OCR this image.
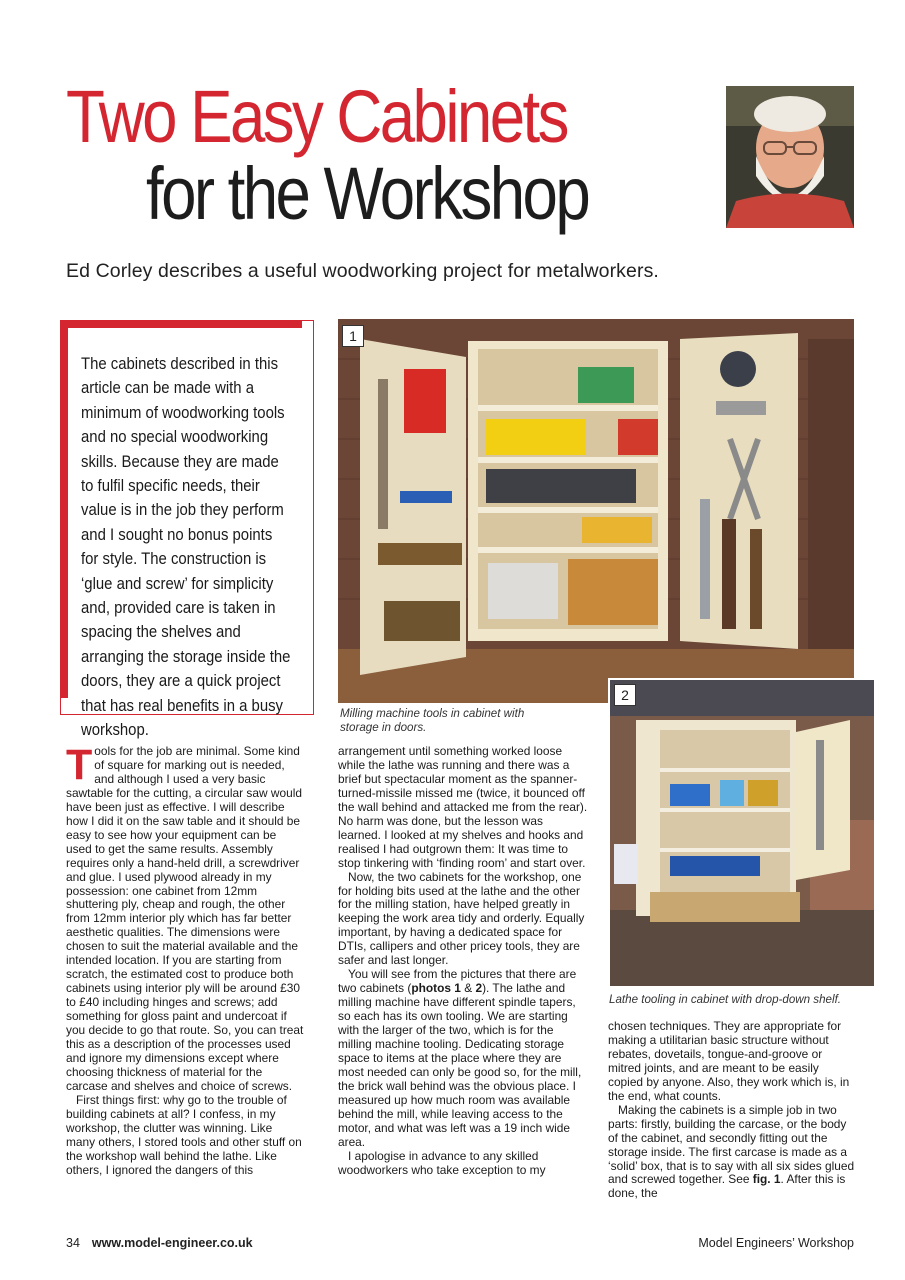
Two Easy Cabinets
for the Workshop
Ed Corley describes a useful woodworking project for metalworkers.
The cabinets described in this article can be made with a minimum of woodworking tools and no special woodworking skills. Because they are made to fulfil specific needs, their value is in the job they perform and I sought no bonus points for style. The construction is ‘glue and screw’ for simplicity and, provided care is taken in spacing the shelves and arranging the storage inside the doors, they are a quick project that has real benefits in a busy workshop.
1
Milling machine tools in cabinet with storage in doors.
2
Lathe tooling in cabinet with drop-down shelf.

Tools for the job are minimal. Some kind of square for marking out is needed, and although I used a very basic sawtable for the cutting, a circular saw would have been just as effective. I will describe how I did it on the saw table and it should be easy to see how your equipment can be used to get the same results. Assembly requires only a hand-held drill, a screwdriver and glue. I used plywood already in my possession: one cabinet from 12mm shuttering ply, cheap and rough, the other from 12mm interior ply which has far better aesthetic qualities. The dimensions were chosen to suit the material available and the intended location. If you are starting from scratch, the estimated cost to produce both cabinets using interior ply will be around £30 to £40 including hinges and screws; add something for gloss paint and undercoat if you decide to go that route. So, you can treat this as a description of the processes used and ignore my dimensions except where choosing thickness of material for the carcase and shelves and choice of screws.

First things first: why go to the trouble of building cabinets at all? I confess, in my workshop, the clutter was winning. Like many others, I stored tools and other stuff on the workshop wall behind the lathe. Like others, I ignored the dangers of this

arrangement until something worked loose while the lathe was running and there was a brief but spectacular moment as the spanner-turned-missile missed me (twice, it bounced off the wall behind and attacked me from the rear). No harm was done, but the lesson was learned. I looked at my shelves and hooks and realised I had outgrown them: It was time to stop tinkering with ‘finding room’ and start over.

Now, the two cabinets for the workshop, one for holding bits used at the lathe and the other for the milling station, have helped greatly in keeping the work area tidy and orderly. Equally important, by having a dedicated space for DTIs, callipers and other pricey tools, they are safer and last longer.

You will see from the pictures that there are two cabinets (photos 1 & 2). The lathe and milling machine have different spindle tapers, so each has its own tooling. We are starting with the larger of the two, which is for the milling machine tooling. Dedicating storage space to items at the place where they are most needed can only be good so, for the mill, the brick wall behind was the obvious place. I measured up how much room was available behind the mill, while leaving access to the motor, and what was left was a 19 inch wide area.

I apologise in advance to any skilled woodworkers who take exception to my

chosen techniques. They are appropriate for making a utilitarian basic structure without rebates, dovetails, tongue-and-groove or mitred joints, and are meant to be easily copied by anyone. Also, they work which is, in the end, what counts.

Making the cabinets is a simple job in two parts: firstly, building the carcase, or the body of the cabinet, and secondly fitting out the storage inside. The first carcase is made as a ‘solid’ box, that is to say with all six sides glued and screwed together. See fig. 1. After this is done, the

34 www.model-engineer.co.uk	Model Engineers’ Workshop
